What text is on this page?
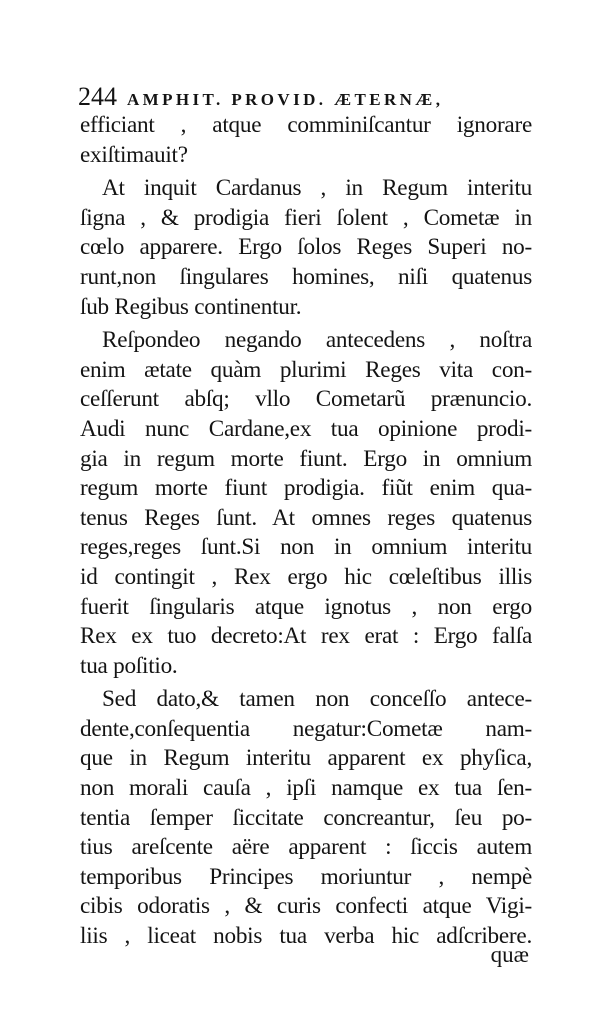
244 AMPHIT. PROVID. ÆTERNÆ,
efficiant , atque comminiſcantur ignorare
exiſtimauit?
At inquit Cardanus , in Regum interitu
ſigna , & prodigia fieri ſolent , Cometæ in
cœlo apparere. Ergo ſolos Reges Superi no-
runt,non ſingulares homines, niſi quatenus
ſub Regibus continentur.
Reſpondeo negando antecedens , noſtra
enim ætate quàm plurimi Reges vita con-
ceſſerunt abſq; vllo Cometarũ prænuncio.
Audi nunc Cardane,ex tua opinione prodi-
gia in regum morte fiunt. Ergo in omnium
regum morte fiunt prodigia. fiũt enim qua-
tenus Reges ſunt. At omnes reges quatenus
reges,reges ſunt.Si non in omnium interitu
id contingit , Rex ergo hic cœleſtibus illis
fuerit ſingularis atque ignotus , non ergo
Rex ex tuo decreto:At rex erat : Ergo falſa
tua poſitio.
Sed dato,& tamen non conceſſo antece-
dente,conſequentia negatur:Cometæ nam-
que in Regum interitu apparent ex phyſica,
non morali cauſa , ipſi namque ex tua ſen-
tentia ſemper ſiccitate concreantur, ſeu po-
tius areſcente aëre apparent : ſiccis autem
temporibus Principes moriuntur , nempè
cibis odoratis , & curis confecti atque Vigi-
liis , liceat nobis tua verba hic adſcribere.
quæ
